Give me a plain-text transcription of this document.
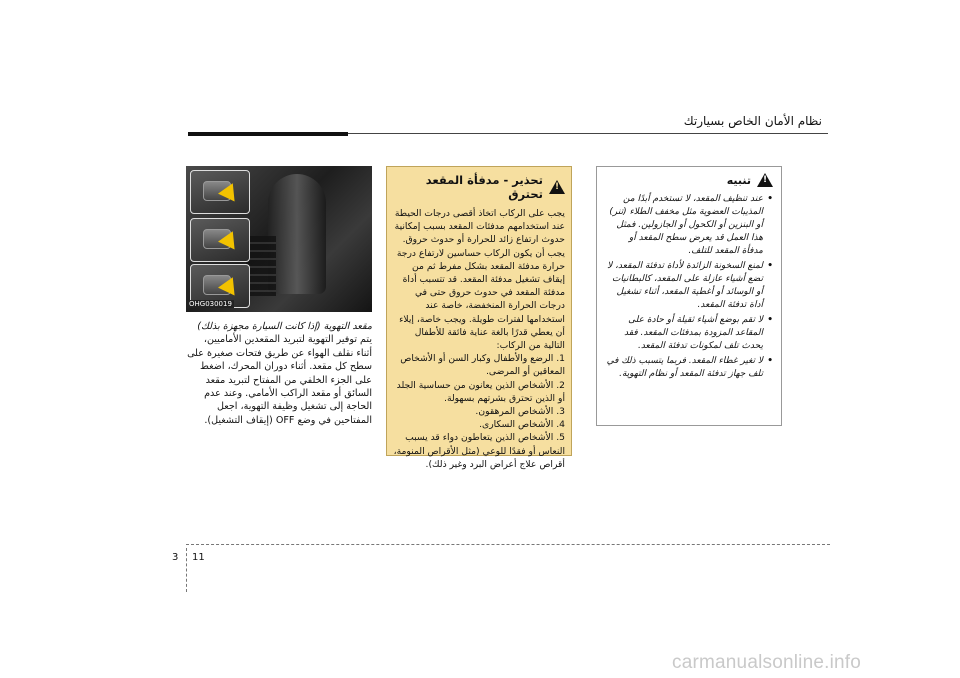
نظام الأمان الخاص بسيارتك
OHG030019
مقعد التهوية (إذا كانت السيارة مجهزة بذلك)
يتم توفير التهوية لتبريد المقعدين الأماميين، أثناء نقلف الهواء عن طريق فتحات صغيرة على سطح كل مقعد. أثناء دوران المحرك، اضغط على الجزء الخلفي من المفتاح لتبريد مقعد السائق أو مقعد الراكب الأمامي. وعند عدم الحاجة إلى تشغيل وظيفة التهوية، اجعل المفتاحين في وضع OFF (إيقاف التشغيل).
تحذير - مدفأة المقعد تحترق !
يجب على الركاب اتخاذ أقصى درجات الحيطة عند استخدامهم مدفئات المقعد بسبب إمكانية حدوث ارتفاع زائد للحرارة أو حدوث حروق. يجب أن يكون الركاب حساسين لارتفاع درجة حرارة مدفئة المقعد بشكل مفرط ثم من إيقاف تشغيل مدفئة المقعد. قد تتسبب أداة مدفئة المقعد في حدوث حروق حتى في درجات الحرارة المنخفضة، خاصة عند استخدامها لفترات طويلة. ويجب خاصة، إيلاء أن يعطي قدرًا بالغة عناية فائقة للأطفال التالية من الركاب:
1. الرضع والأطفال وكبار السن أو الأشخاص المعاقين أو المرضى.
2. الأشخاص الذين يعانون من حساسية الجلد أو الذين تحترق بشرتهم بسهولة.
3. الأشخاص المرهقون.
4. الأشخاص السكارى.
5. الأشخاص الذين يتعاطون دواء قد يسبب النعاس أو فقدًا للوعي (مثل الأقراص المنومة، أقراص علاج أعراض البرد وغير ذلك).
تنبيه !
• عند تنظيف المقعد، لا تستخدم أبدًا من المذيبات العضوية مثل مخفف الطلاء (تنر) أو البنزين أو الكحول أو الجازولين. فمثل هذا العمل قد يعرض سطح المقعد أو مدفأة المقعد للتلف.
• لمنع السخونة الزائدة لأداة تدفئة المقعد، لا تضع أشياء عازلة على المقعد، كالبطانيات أو الوسائد أو أغطية المقعد، أثناء تشغيل أداة تدفئة المقعد.
• لا تقم بوضع أشياء ثقيلة أو حادة على المقاعد المزودة بمدفئات المقعد. فقد يحدث تلف لمكونات تدفئة المقعد.
• لا تغير غطاء المقعد. فربما يتسبب ذلك في تلف جهاز تدفئة المقعد أو نظام التهوية.
3 11
carmanualsonline.info
